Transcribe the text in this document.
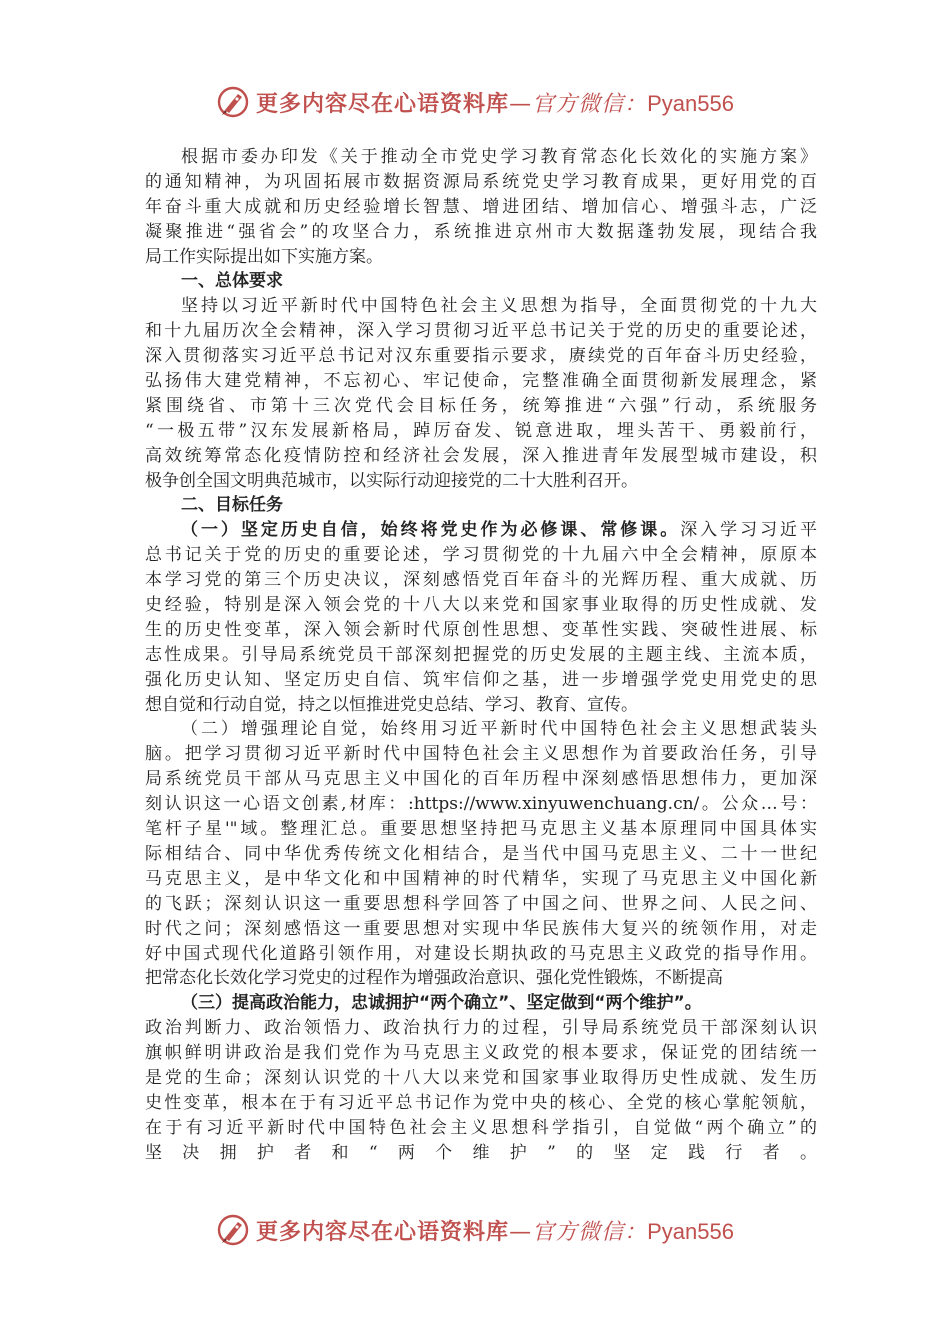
更多内容尽在心语资料库—官方微信：Pyan556
根据市委办印发《关于推动全市党史学习教育常态化长效化的实施方案》
的通知精神，为巩固拓展市数据资源局系统党史学习教育成果，更好用党的百
年奋斗重大成就和历史经验增长智慧、增进团结、增加信心、增强斗志，广泛
凝聚推进“强省会”的攻坚合力，系统推进京州市大数据蓬勃发展，现结合我
局工作实际提出如下实施方案。
一、总体要求
坚持以习近平新时代中国特色社会主义思想为指导，全面贯彻党的十九大
和十九届历次全会精神，深入学习贯彻习近平总书记关于党的历史的重要论述，
深入贯彻落实习近平总书记对汉东重要指示要求，赓续党的百年奋斗历史经验，
弘扬伟大建党精神，不忘初心、牢记使命，完整准确全面贯彻新发展理念，紧
紧围绕省、市第十三次党代会目标任务，统筹推进“六强”行动，系统服务
“一极五带”汉东发展新格局，踔厉奋发、锐意进取，埋头苦干、勇毅前行，
高效统筹常态化疫情防控和经济社会发展，深入推进青年发展型城市建设，积
极争创全国文明典范城市，以实际行动迎接党的二十大胜利召开。
二、目标任务
（一）坚定历史自信，始终将党史作为必修课、常修课。深入学习习近平
总书记关于党的历史的重要论述，学习贯彻党的十九届六中全会精神，原原本
本学习党的第三个历史决议，深刻感悟党百年奋斗的光辉历程、重大成就、历
史经验，特别是深入领会党的十八大以来党和国家事业取得的历史性成就、发
生的历史性变革，深入领会新时代原创性思想、变革性实践、突破性进展、标
志性成果。引导局系统党员干部深刻把握党的历史发展的主题主线、主流本质，
强化历史认知、坚定历史自信、筑牢信仰之基，进一步增强学党史用党史的思
想自觉和行动自觉，持之以恒推进党史总结、学习、教育、宣传。
（二）增强理论自觉，始终用习近平新时代中国特色社会主义思想武装头
脑。把学习贯彻习近平新时代中国特色社会主义思想作为首要政治任务，引导
局系统党员干部从马克思主义中国化的百年历程中深刻感悟思想伟力，更加深
刻认识这一心语文创素,材库：:https://www.xinyuwenchuang.cn/。公众…号：
笔杆子星'"域。整理汇总。重要思想坚持把马克思主义基本原理同中国具体实
际相结合、同中华优秀传统文化相结合，是当代中国马克思主义、二十一世纪
马克思主义，是中华文化和中国精神的时代精华，实现了马克思主义中国化新
的飞跃；深刻认识这一重要思想科学回答了中国之问、世界之问、人民之问、
时代之问；深刻感悟这一重要思想对实现中华民族伟大复兴的统领作用，对走
好中国式现代化道路引领作用，对建设长期执政的马克思主义政党的指导作用。
把常态化长效化学习党史的过程作为增强政治意识、强化党性锻炼，不断提高
（三）提高政治能力，忠诚拥护“两个确立”、坚定做到“两个维护”。
政治判断力、政治领悟力、政治执行力的过程，引导局系统党员干部深刻认识
旗帜鲜明讲政治是我们党作为马克思主义政党的根本要求，保证党的团结统一
是党的生命；深刻认识党的十八大以来党和国家事业取得历史性成就、发生历
史性变革，根本在于有习近平总书记作为党中央的核心、全党的核心掌舵领航，
在于有习近平新时代中国特色社会主义思想科学指引，自觉做“两个确立”的
坚决拥护者和“两个维护”的坚定践行者。
更多内容尽在心语资料库—官方微信：Pyan556
